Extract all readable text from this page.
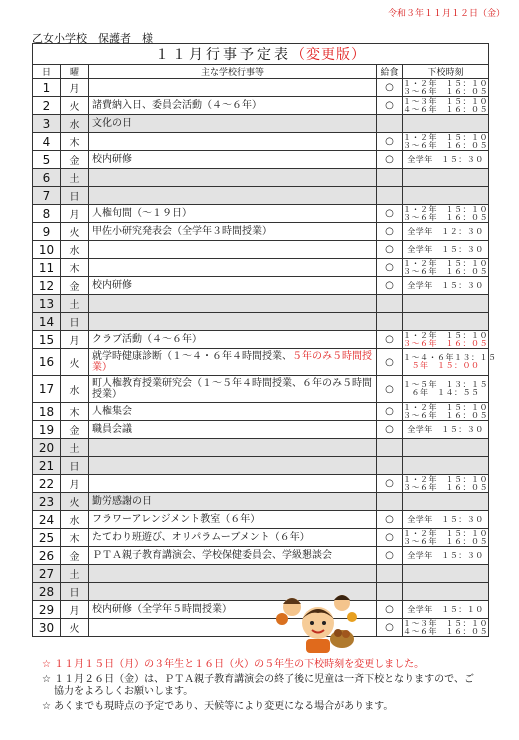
令和３年１１月１２日（金）
乙女小学校　保護者　様
１１月行事予定表（変更版）				
日	曜	主な学校行事等	給食	下校時刻
1	月		○	１・２年　１５：１０
３～６年　１６：０５

2	火	諸費納入日、委員会活動（４～６年）	○	１～３年　１５：１０
４～６年　１６：０５

3	水	文化の日		
4	木		○	１・２年　１５：１０
３～６年　１６：０５

5	金	校内研修	○	全学年　１５：３０

6	土			
7	日			
8	月	人権旬間（～１９日）	○	１・２年　１５：１０
３～６年　１６：０５

9	火	甲佐小研究発表会（全学年３時間授業）	○	全学年　１２：３０

10	水		○	全学年　１５：３０

11	木		○	１・２年　１５：１０
３～６年　１６：０５

12	金	校内研修	○	全学年　１５：３０

13	土			
14	日			
15	月	クラブ活動（４～６年）	○	１・２年　１５：１０
３～６年　１６：０５

16	火	就学時健康診断（１～４・６年４時間授業、５年のみ５時間授業）	○	１～４・６年１３：１５
５年　１５：００

17	水	町人権教育授業研究会（１～５年４時間授業、６年のみ５時間授業）	○	１～５年　１３：１５
６年　１４：５５

18	木	人権集会	○	１・２年　１５：１０
３～６年　１６：０５

19	金	職員会議	○	全学年　１５：３０

20	土			
21	日			
22	月		○	１・２年　１５：１０
３～６年　１６：０５

23	火	勤労感謝の日		
24	水	フラワーアレンジメント教室（６年）	○	全学年　１５：３０

25	木	たてわり班遊び、オリパラムーブメント（６年）	○	１・２年　１５：１０
３～６年　１６：０５

26	金	ＰＴＡ親子教育講演会、学校保健委員会、学級懇談会	○	全学年　１５：３０

27	土			
28	日			
29	月	校内研修（全学年５時間授業）	○	全学年　１５：１０

30	火		○	１～３年　１５：１０
４～６年　１６：０５

☆ １１月１５日（月）の３年生と１６日（火）の５年生の下校時刻を変更しました。

☆ １１月２６日（金）は、ＰＴＡ親子教育講演会の終了後に児童は一斉下校となりますので、ご協力をよろしくお願いします。

☆ あくまでも現時点の予定であり、天候等により変更になる場合があります。
